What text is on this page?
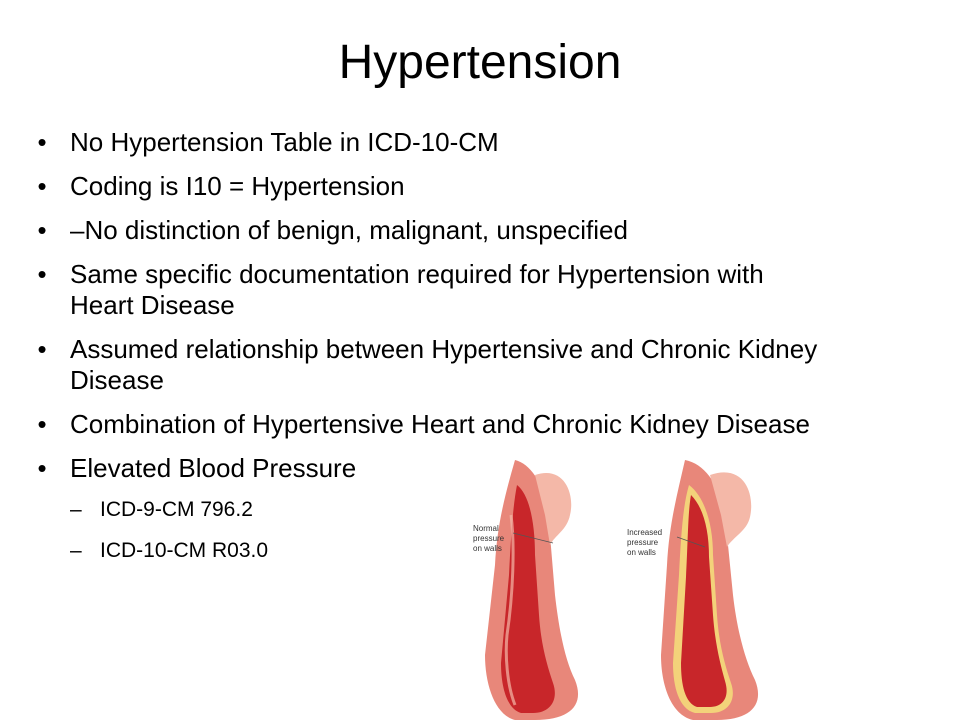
Hypertension
• No Hypertension Table in ICD-10-CM
• Coding is I10 = Hypertension
• –No distinction of benign, malignant, unspecified
• Same specific documentation required for Hypertension with Heart Disease
• Assumed relationship between Hypertensive and Chronic Kidney Disease
• Combination of Hypertensive Heart and Chronic Kidney Disease
• Elevated Blood Pressure
– ICD-9-CM 796.2
– ICD-10-CM R03.0
Normal
pressure
on walls
Increased
pressure
on walls
